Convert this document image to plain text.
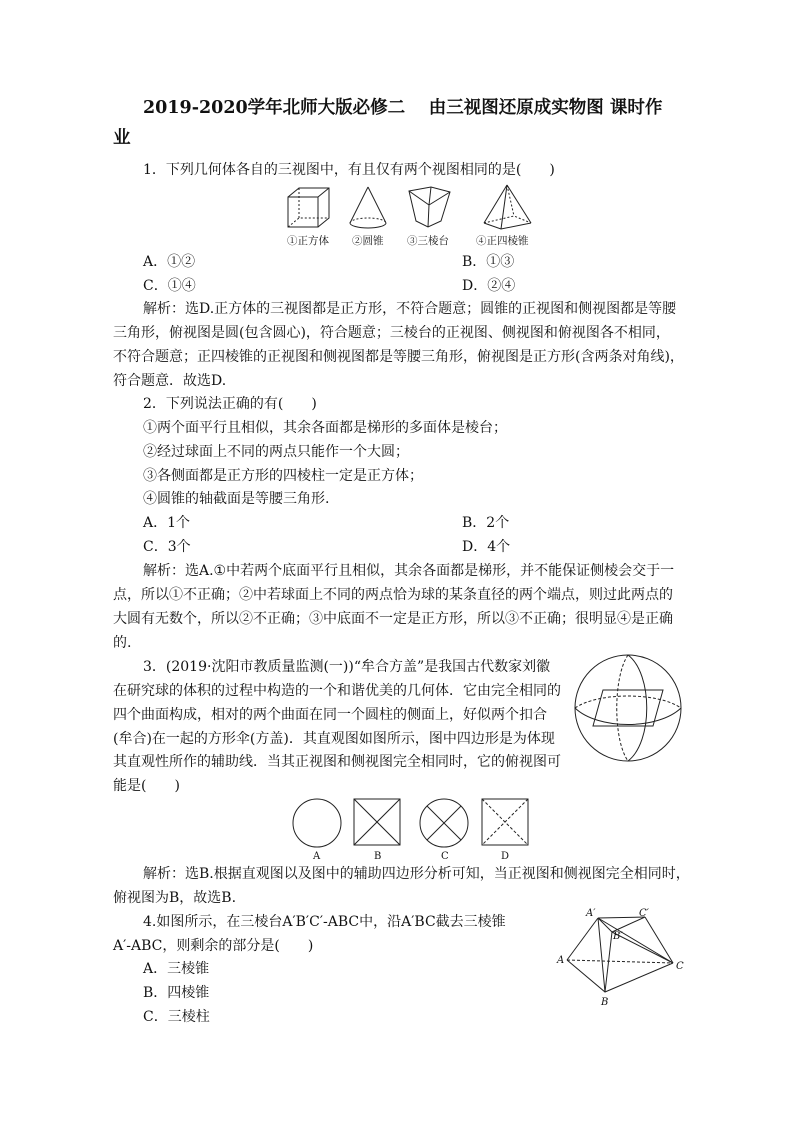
2019-2020学年北师大版必修二　 由三视图还原成实物图 课时作
业
1．下列几何体各自的三视图中，有且仅有两个视图相同的是(　　)
①正方体 ②圆锥 ③三棱台	④正四棱锥
A．①②	B．①③
C．①④	D．②④
解析：选D.正方体的三视图都是正方形，不符合题意；圆锥的正视图和侧视图都是等腰
三角形，俯视图是圆(包含圆心)，符合题意；三棱台的正视图、侧视图和俯视图各不相同，
不符合题意；正四棱锥的正视图和侧视图都是等腰三角形，俯视图是正方形(含两条对角线)，
符合题意．故选D.
2．下列说法正确的有(　　)
①两个面平行且相似，其余各面都是梯形的多面体是棱台；
②经过球面上不同的两点只能作一个大圆；
③各侧面都是正方形的四棱柱一定是正方体；
④圆锥的轴截面是等腰三角形.
A．1个	B．2个
C．3个	D．4个
解析：选A.①中若两个底面平行且相似，其余各面都是梯形，并不能保证侧棱会交于一
点，所以①不正确；②中若球面上不同的两点恰为球的某条直径的两个端点，则过此两点的
大圆有无数个，所以②不正确；③中底面不一定是正方形，所以③不正确；很明显④是正确
的.
3．(2019·沈阳市教质量监测(一))“牟合方盖”是我国古代数家刘徽
在研究球的体积的过程中构造的一个和谐优美的几何体．它由完全相同的
四个曲面构成，相对的两个曲面在同一个圆柱的侧面上，好似两个扣合
(牟合)在一起的方形伞(方盖)．其直观图如图所示，图中四边形是为体现
其直观性所作的辅助线．当其正视图和侧视图完全相同时，它的俯视图可
能是(　　)
A	B	C	D
解析：选B.根据直观图以及图中的辅助四边形分析可知，当正视图和侧视图完全相同时，
俯视图为B，故选B.
4.如图所示，在三棱台A′B′C′-ABC中，沿A′BC截去三棱锥
A′-ABC，则剩余的部分是(　　)
A．三棱锥
B．四棱锥
C．三棱柱
A′	C′
B′
A
B
C
